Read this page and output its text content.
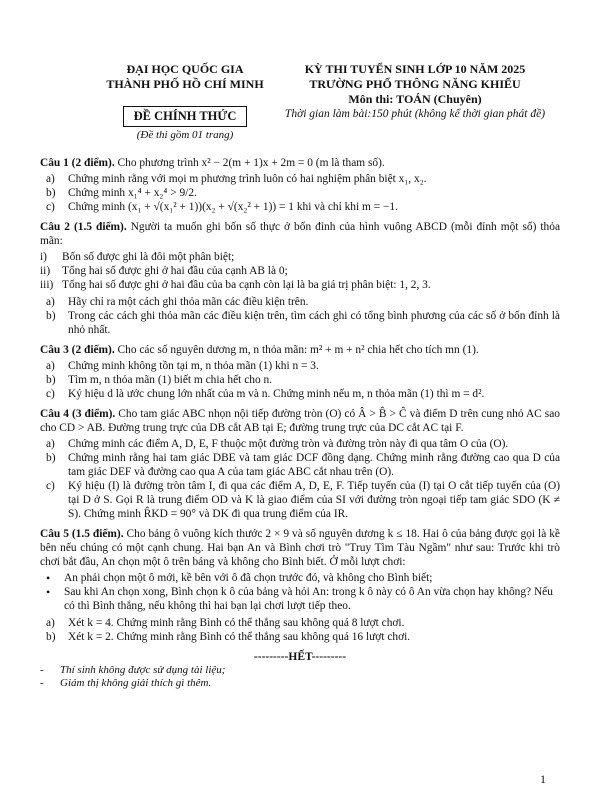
ĐẠI HỌC QUỐC GIA
THÀNH PHỐ HỒ CHÍ MINH
ĐỀ CHÍNH THỨC
(Đề thi gồm 01 trang)
KỲ THI TUYỂN SINH LỚP 10 NĂM 2025
TRƯỜNG PHỔ THÔNG NĂNG KHIẾU
Môn thi: TOÁN (Chuyên)
Thời gian làm bài:150 phút (không kể thời gian phát đề)
Câu 1 (2 điểm). Cho phương trình x² − 2(m + 1)x + 2m = 0 (m là tham số).
a)	Chứng minh rằng với mọi m phương trình luôn có hai nghiệm phân biệt x₁, x₂.
b)	Chứng minh x₁⁴ + x₂⁴ > 9/2.
c)	Chứng minh (x₁ + √(x₁² + 1))(x₂ + √(x₂² + 1)) = 1 khi và chỉ khi m = −1.
Câu 2 (1.5 điểm). Người ta muốn ghi bốn số thực ở bốn đỉnh của hình vuông ABCD (mỗi đỉnh một số) thỏa mãn:
i)	Bốn số được ghi là đôi một phân biệt;
ii)	Tổng hai số được ghi ở hai đầu của cạnh AB là 0;
iii) Tổng hai số được ghi ở hai đầu của ba cạnh còn lại là ba giá trị phân biệt: 1, 2, 3.
a)	Hãy chỉ ra một cách ghi thỏa mãn các điều kiện trên.
b)	Trong các cách ghi thỏa mãn các điều kiện trên, tìm cách ghi có tổng bình phương của các số ở bốn đỉnh là nhỏ nhất.
Câu 3 (2 điểm). Cho các số nguyên dương m, n thỏa mãn: m² + m + n² chia hết cho tích mn (1).
a)	Chứng minh không tồn tại m, n thỏa mãn (1) khi n = 3.
b)	Tìm m, n thỏa mãn (1) biết m chia hết cho n.
c)	Ký hiệu d là ước chung lớn nhất của m và n. Chứng minh nếu m, n thỏa mãn (1) thì m = d².
Câu 4 (3 điểm). Cho tam giác ABC nhọn nội tiếp đường tròn (O) có Â > B̂ > Ĉ và điểm D trên cung nhỏ AC sao cho CD > AB. Đường trung trực của DB cắt AB tại E; đường trung trực của DC cắt AC tại F.
a)	Chứng minh các điểm A, D, E, F thuộc một đường tròn và đường tròn này đi qua tâm O của (O).
b)	Chứng minh rằng hai tam giác DBE và tam giác DCF đồng dạng. Chứng minh rằng đường cao qua D của tam giác DEF và đường cao qua A của tam giác ABC cắt nhau trên (O).
c)	Ký hiệu (I) là đường tròn tâm I, đi qua các điểm A, D, E, F. Tiếp tuyến của (I) tại O cắt tiếp tuyến của (O) tại D ở S. Gọi R là trung điểm OD và K là giao điểm của SI với đường tròn ngoại tiếp tam giác SDO (K ≠ S). Chứng minh R̂KD = 90° và DK đi qua trung điểm của IR.
Câu 5 (1.5 điểm). Cho bảng ô vuông kích thước 2 × 9 và số nguyên dương k ≤ 18. Hai ô của bảng được gọi là kề bên nếu chúng có một cạnh chung. Hai bạn An và Bình chơi trò "Truy Tìm Tàu Ngầm" như sau: Trước khi trò chơi bắt đầu, An chọn một ô trên bảng và không cho Bình biết. Ở mỗi lượt chơi:
•	An phải chọn một ô mới, kề bên với ô đã chọn trước đó, và không cho Bình biết;
•	Sau khi An chọn xong, Bình chọn k ô của bảng và hỏi An: trong k ô này có ô An vừa chọn hay không? Nếu có thì Bình thắng, nếu không thì hai bạn lại chơi lượt tiếp theo.
a)	Xét k = 4. Chứng minh rằng Bình có thể thắng sau không quá 8 lượt chơi.
b)	Xét k = 2. Chứng minh rằng Bình có thể thắng sau không quá 16 lượt chơi.
---------HẾT---------
-	Thí sinh không được sử dụng tài liệu;
-	Giám thị không giải thích gì thêm.
1
